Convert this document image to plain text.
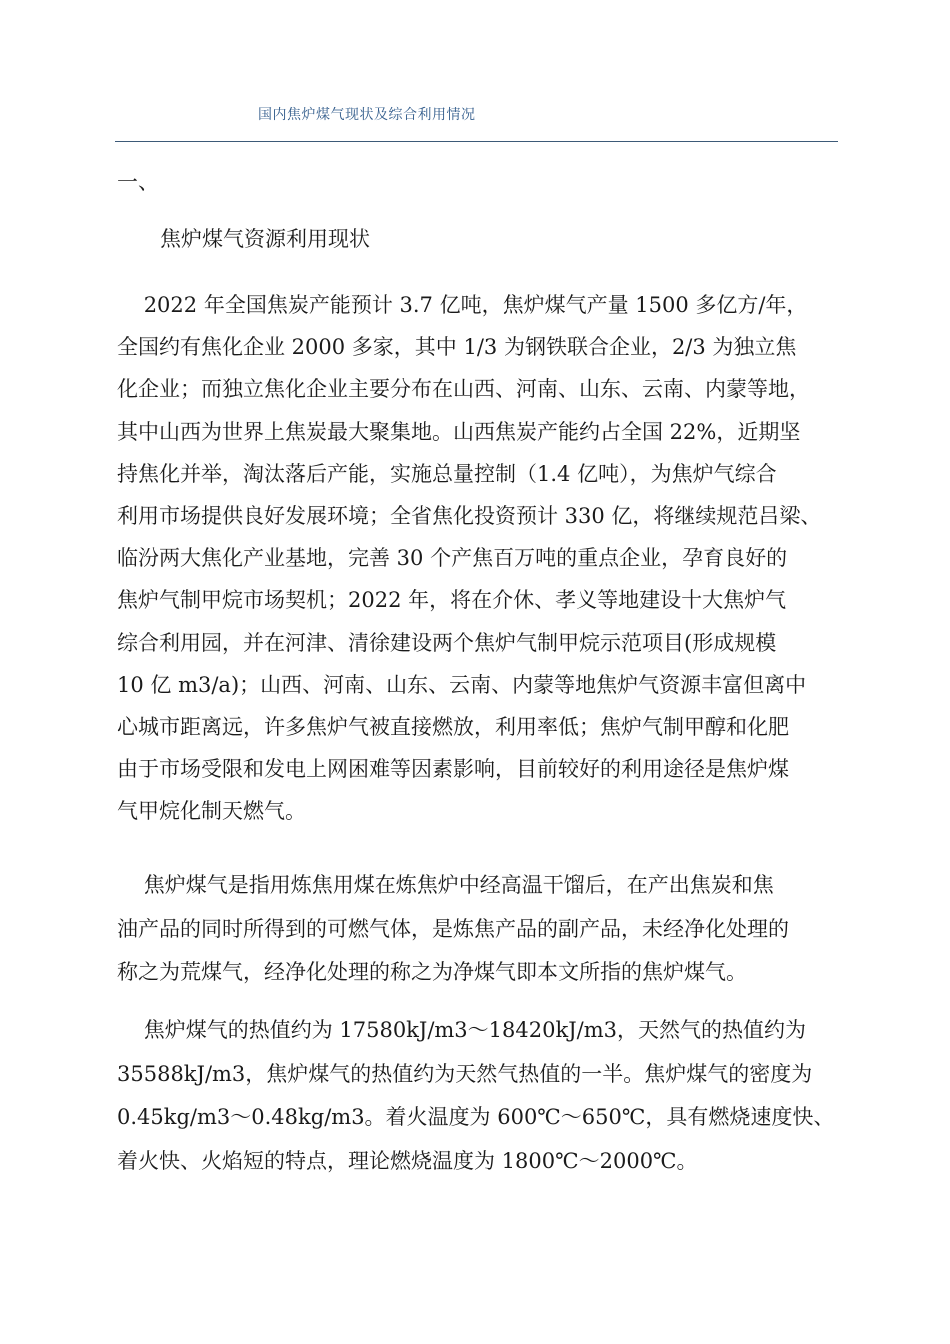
国内焦炉煤气现状及综合利用情况
一、
焦炉煤气资源利用现状
2022 年全国焦炭产能预计 3.7 亿吨，焦炉煤气产量 1500 多亿方/年，
全国约有焦化企业 2000 多家，其中 1/3 为钢铁联合企业，2/3 为独立焦
化企业；而独立焦化企业主要分布在山西、河南、山东、云南、内蒙等地，
其中山西为世界上焦炭最大聚集地。山西焦炭产能约占全国 22%，近期坚
持焦化并举，淘汰落后产能，实施总量控制（1.4 亿吨），为焦炉气综合
利用市场提供良好发展环境；全省焦化投资预计 330 亿，将继续规范吕梁、
临汾两大焦化产业基地，完善 30 个产焦百万吨的重点企业，孕育良好的
焦炉气制甲烷市场契机；2022 年，将在介休、孝义等地建设十大焦炉气
综合利用园，并在河津、清徐建设两个焦炉气制甲烷示范项目(形成规模
10 亿 m3/a)；山西、河南、山东、云南、内蒙等地焦炉气资源丰富但离中
心城市距离远，许多焦炉气被直接燃放，利用率低；焦炉气制甲醇和化肥
由于市场受限和发电上网困难等因素影响，目前较好的利用途径是焦炉煤
气甲烷化制天燃气。
焦炉煤气是指用炼焦用煤在炼焦炉中经高温干馏后，在产出焦炭和焦
油产品的同时所得到的可燃气体，是炼焦产品的副产品，未经净化处理的
称之为荒煤气，经净化处理的称之为净煤气即本文所指的焦炉煤气。
焦炉煤气的热值约为 17580kJ/m3～18420kJ/m3，天然气的热值约为
35588kJ/m3，焦炉煤气的热值约为天然气热值的一半。焦炉煤气的密度为
0.45kg/m3～0.48kg/m3。着火温度为 600℃～650℃，具有燃烧速度快、
着火快、火焰短的特点，理论燃烧温度为 1800℃～2000℃。
